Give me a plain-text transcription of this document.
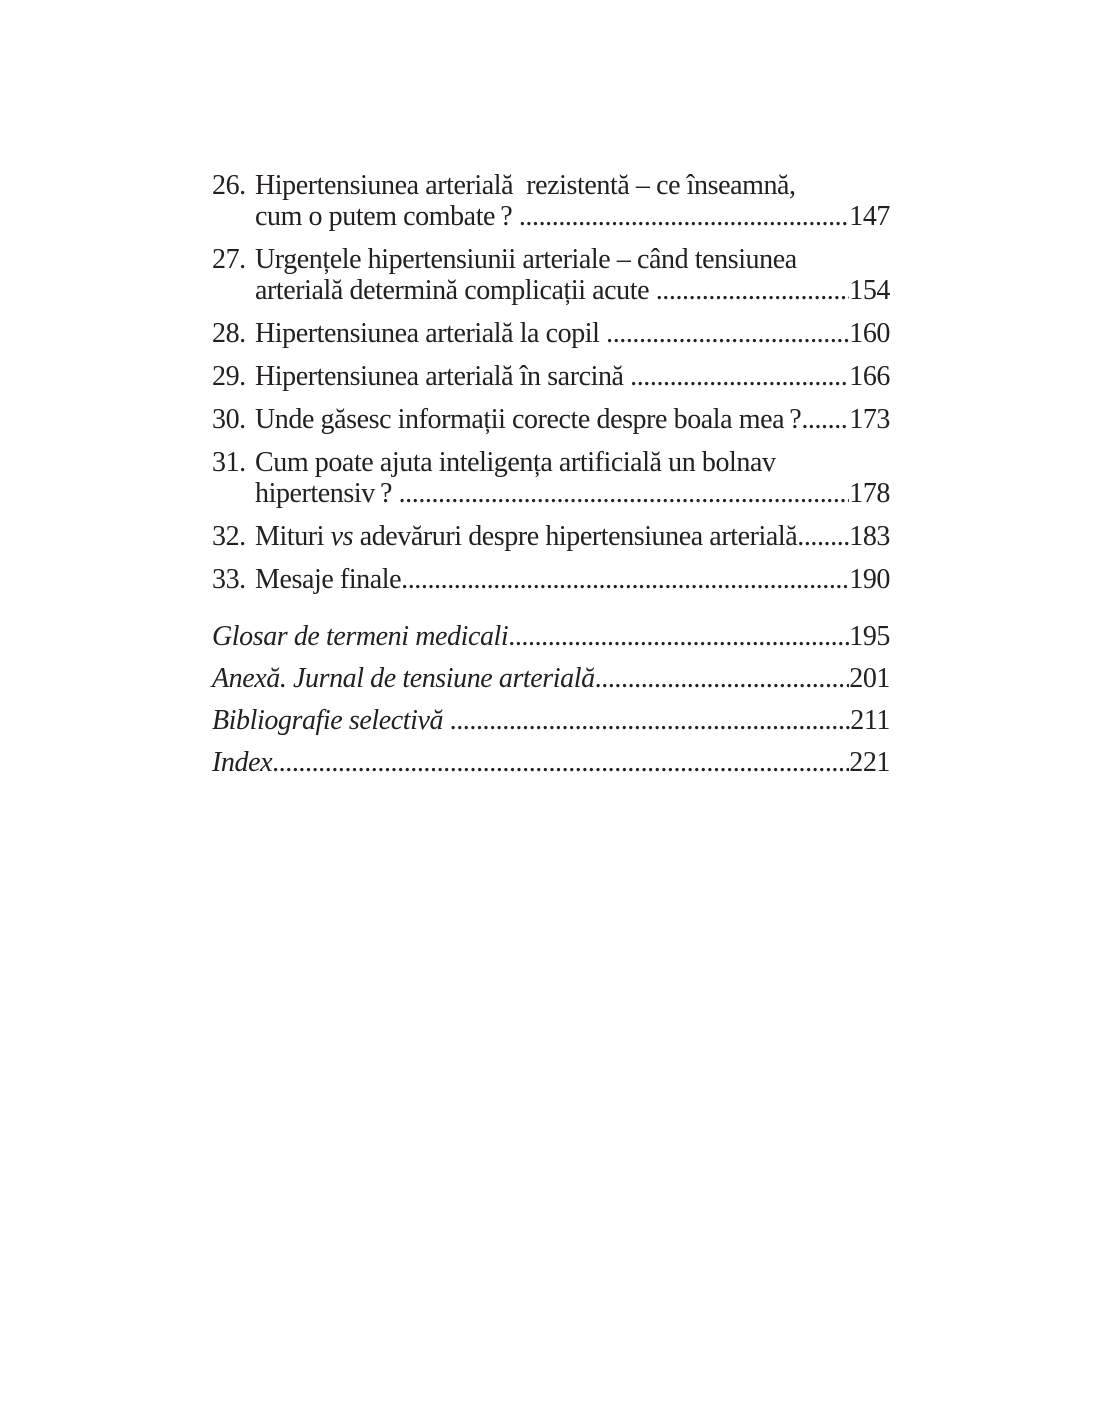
26. Hipertensiunea arterială  rezistentă – ce înseamnă,
cum o putem combate ? .....	147
27. Urgențele hipertensiunii arteriale – când tensiunea
arterială determină complicații acute .....	154
28. Hipertensiunea arterială la copil .....	160
29. Hipertensiunea arterială în sarcină .....	166
30. Unde găsesc informații corecte despre boala mea ? ..... 173
31. Cum poate ajuta inteligența artificială un bolnav
hipertensiv ? .....	178
32. Mituri vs adevăruri despre hipertensiunea arterială ..... 183
33. Mesaje finale .....	190
Glosar de termeni medicali .....	195
Anexă. Jurnal de tensiune arterială .....	201
Bibliografie selectivă .....	211
Index .....	221
